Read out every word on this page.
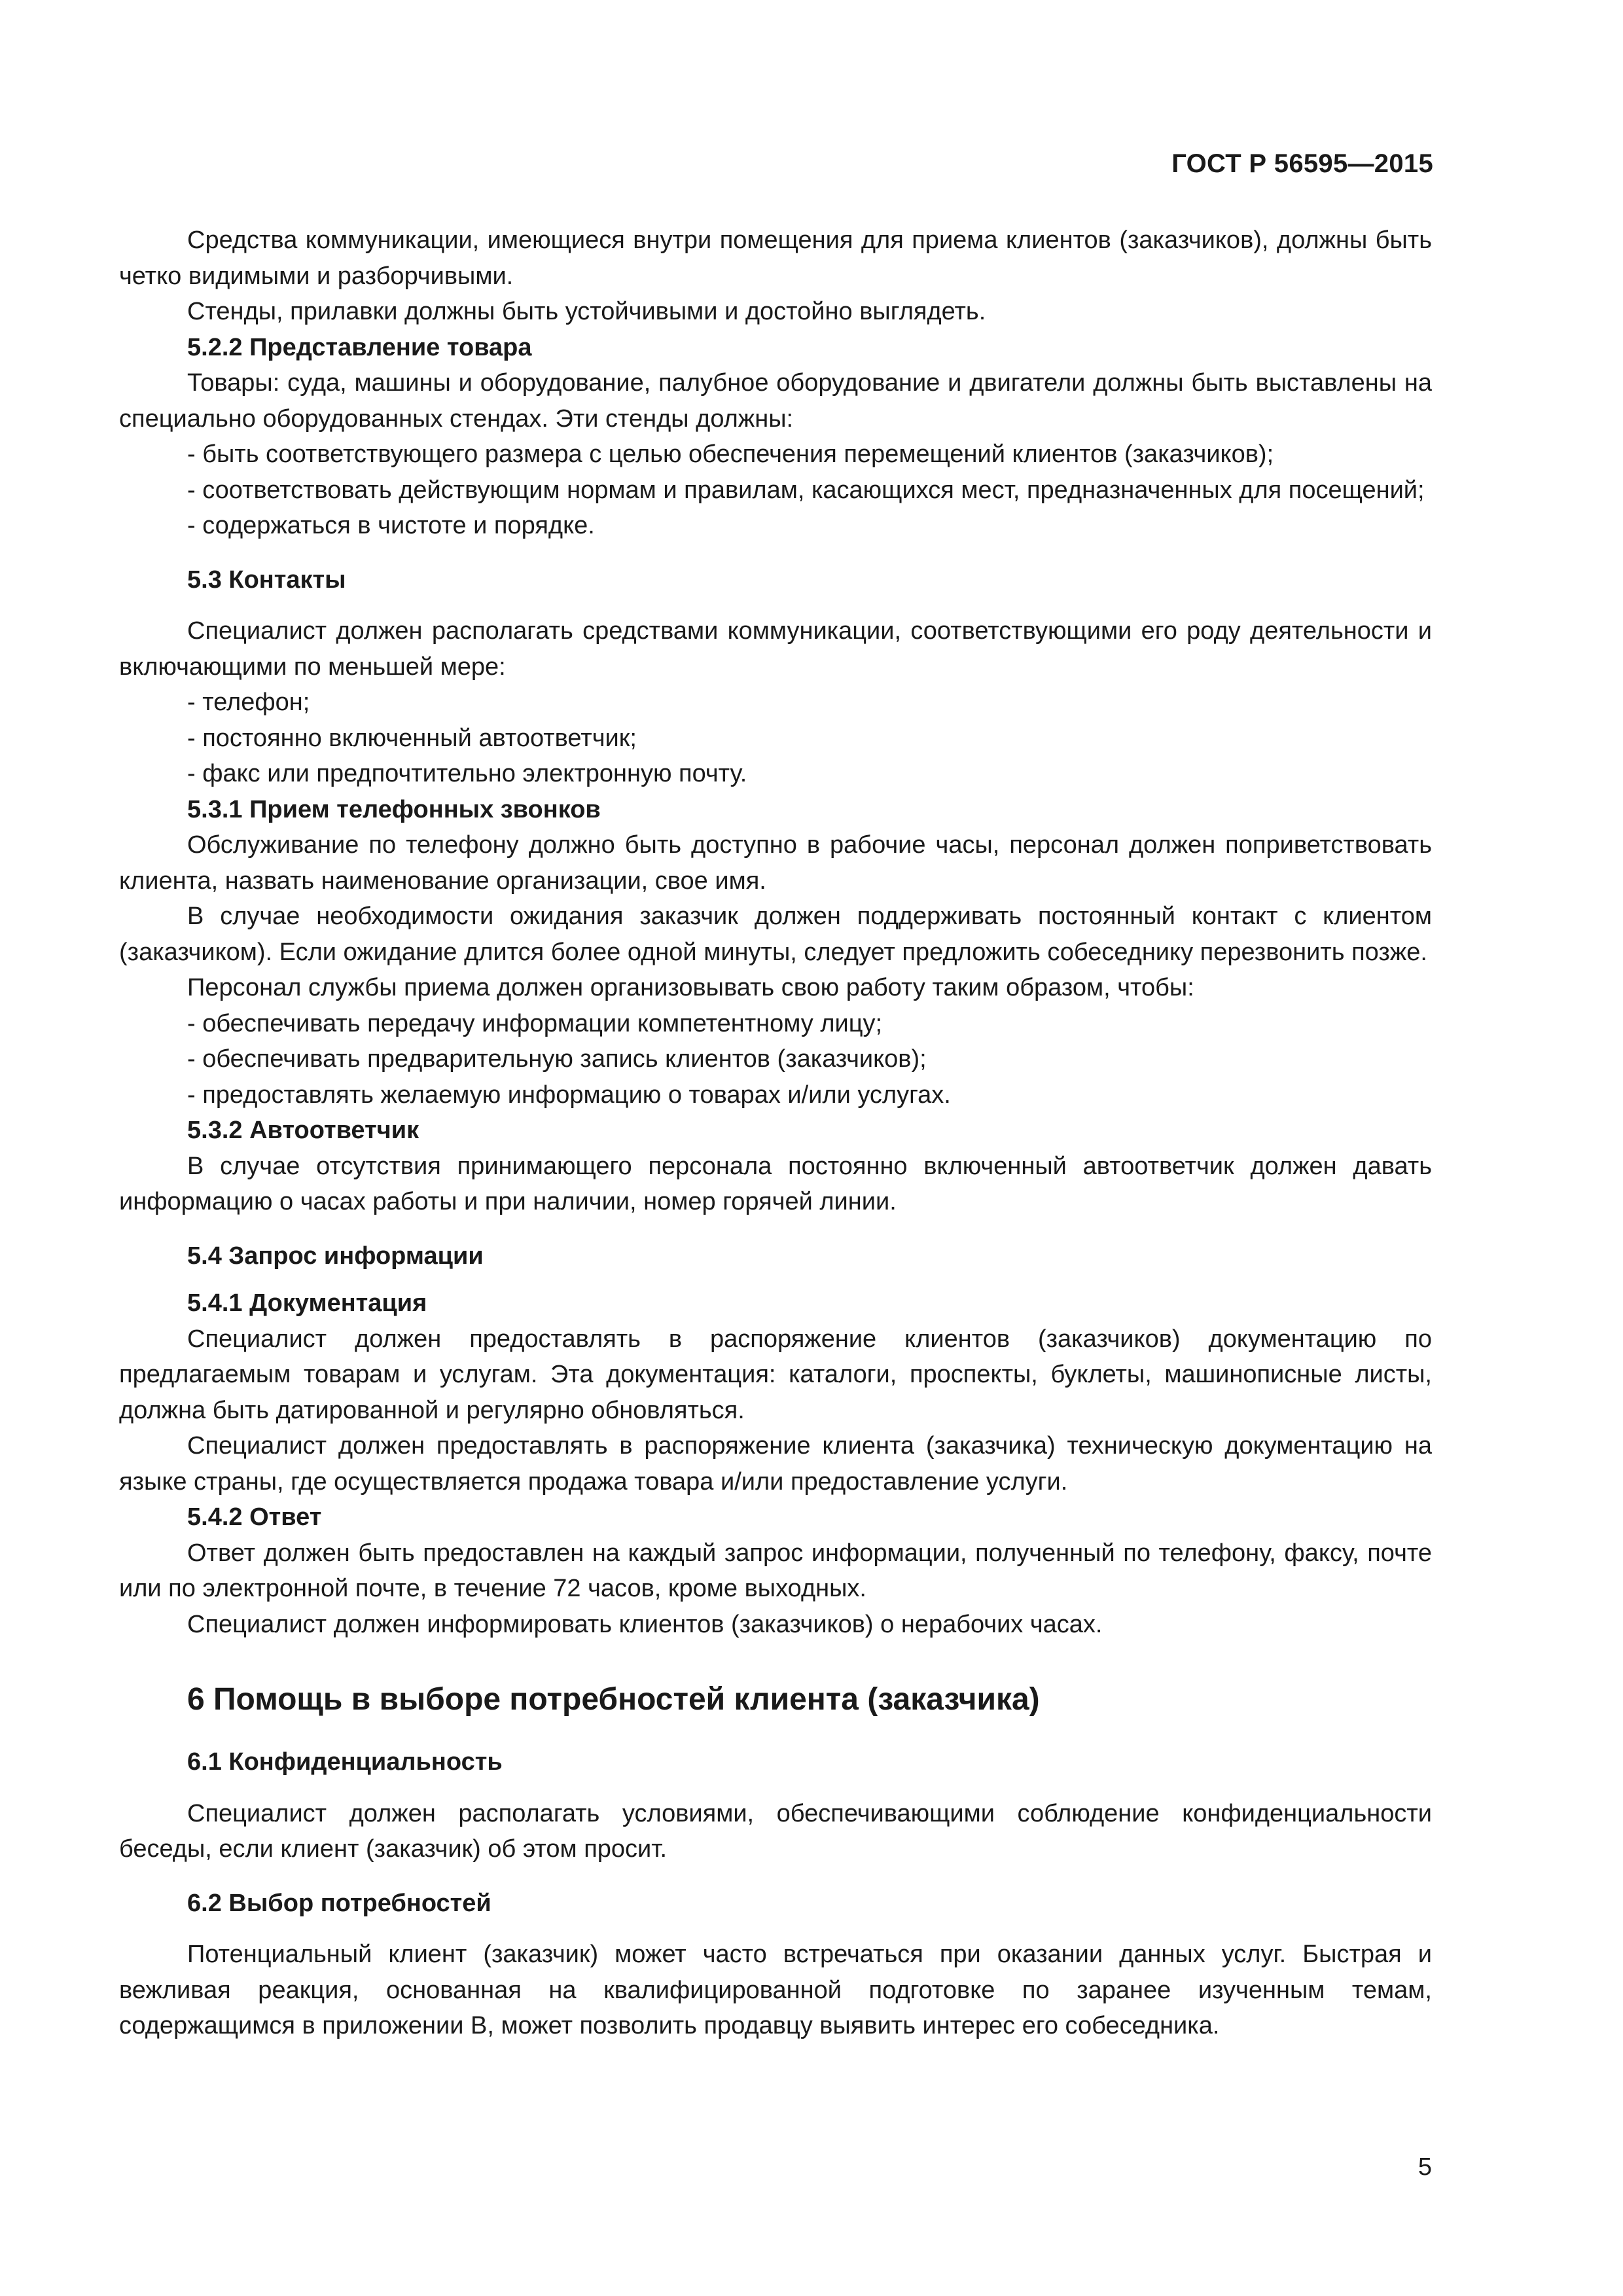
ГОСТ Р 56595—2015

Средства коммуникации, имеющиеся внутри помещения для приема клиентов (заказчиков), должны быть четко видимыми и разборчивыми.

Стенды, прилавки должны быть устойчивыми и достойно выглядеть.

5.2.2 Представление товара

Товары: суда, машины и оборудование, палубное оборудование и двигатели должны быть выставлены на специально оборудованных стендах. Эти стенды должны:

- быть соответствующего размера с целью обеспечения перемещений клиентов (заказчиков);

- соответствовать действующим нормам и правилам, касающихся мест, предназначенных для посещений;

- содержаться в чистоте и порядке.

5.3 Контакты

Специалист должен располагать средствами коммуникации, соответствующими его роду деятельности и включающими по меньшей мере:

- телефон;

- постоянно включенный автоответчик;

- факс или предпочтительно электронную почту.

5.3.1 Прием телефонных звонков

Обслуживание по телефону должно быть доступно в рабочие часы, персонал должен поприветствовать клиента, назвать наименование организации, свое имя.

В случае необходимости ожидания заказчик должен поддерживать постоянный контакт с клиентом (заказчиком). Если ожидание длится более одной минуты, следует предложить собеседнику перезвонить позже.

Персонал службы приема должен организовывать свою работу таким образом, чтобы:

- обеспечивать передачу информации компетентному лицу;

- обеспечивать предварительную запись клиентов (заказчиков);

- предоставлять желаемую информацию о товарах и/или услугах.

5.3.2 Автоответчик

В случае отсутствия принимающего персонала постоянно включенный автоответчик должен давать информацию о часах работы и при наличии, номер горячей линии.

5.4 Запрос информации

5.4.1 Документация

Специалист должен предоставлять в распоряжение клиентов (заказчиков) документацию по предлагаемым товарам и услугам. Эта документация: каталоги, проспекты, буклеты, машинописные листы, должна быть датированной и регулярно обновляться.

Специалист должен предоставлять в распоряжение клиента (заказчика) техническую документацию на языке страны, где осуществляется продажа товара и/или предоставление услуги.

5.4.2 Ответ

Ответ должен быть предоставлен на каждый запрос информации, полученный по телефону, факсу, почте или по электронной почте, в течение 72 часов, кроме выходных.

Специалист должен информировать клиентов (заказчиков) о нерабочих часах.

6 Помощь в выборе потребностей клиента (заказчика)

6.1 Конфиденциальность

Специалист должен располагать условиями, обеспечивающими соблюдение конфиденциальности беседы, если клиент (заказчик) об этом просит.

6.2 Выбор потребностей

Потенциальный клиент (заказчик) может часто встречаться при оказании данных услуг. Быстрая и вежливая реакция, основанная на квалифицированной подготовке по заранее изученным темам, содержащимся в приложении В, может позволить продавцу выявить интерес его собеседника.

5
